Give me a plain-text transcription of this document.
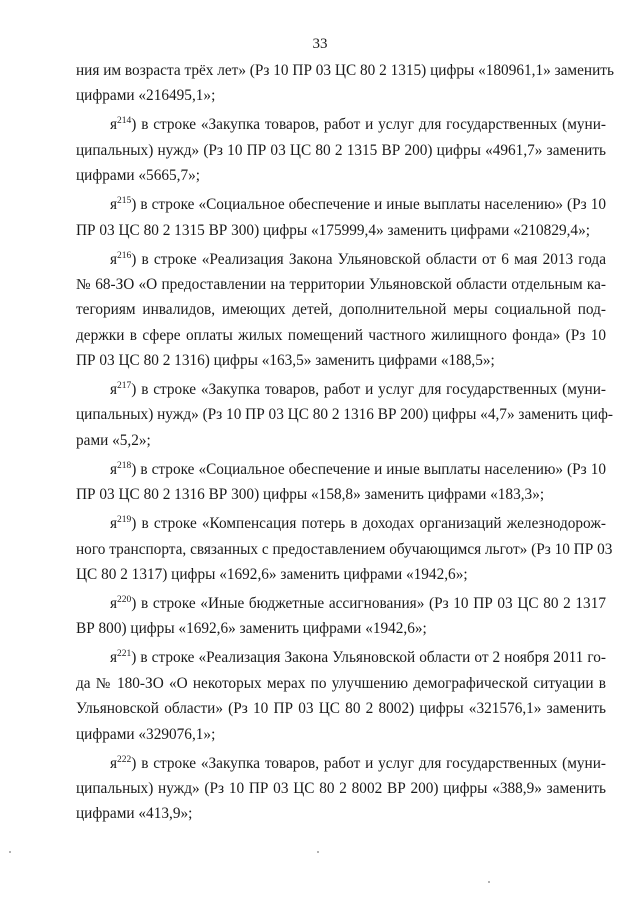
33
ния им возраста трёх лет» (Рз 10 ПР 03 ЦС 80 2 1315) цифры «180961,1» заменить
цифрами «216495,1»;
$я^{214}$) в строке «Закупка товаров, работ и услуг для государственных (муни-
ципальных) нужд» (Рз 10 ПР 03 ЦС 80 2 1315 ВР 200) цифры «4961,7» заменить
цифрами «5665,7»;
$я^{215}$) в строке «Социальное обеспечение и иные выплаты населению» (Рз 10
ПР 03 ЦС 80 2 1315 ВР 300) цифры «175999,4» заменить цифрами «210829,4»;
$я^{216}$) в строке «Реализация Закона Ульяновской области от 6 мая 2013 года
№ 68-ЗО «О предоставлении на территории Ульяновской области отдельным ка-
тегориям инвалидов, имеющих детей, дополнительной меры социальной под-
держки в сфере оплаты жилых помещений частного жилищного фонда» (Рз 10
ПР 03 ЦС 80 2 1316) цифры «163,5» заменить цифрами «188,5»;
$я^{217}$) в строке «Закупка товаров, работ и услуг для государственных (муни-
ципальных) нужд» (Рз 10 ПР 03 ЦС 80 2 1316 ВР 200) цифры «4,7» заменить циф-
рами «5,2»;
$я^{218}$) в строке «Социальное обеспечение и иные выплаты населению» (Рз 10
ПР 03 ЦС 80 2 1316 ВР 300) цифры «158,8» заменить цифрами «183,3»;
$я^{219}$) в строке «Компенсация потерь в доходах организаций железнодорож-
ного транспорта, связанных с предоставлением обучающимся льгот» (Рз 10 ПР 03
ЦС 80 2 1317) цифры «1692,6» заменить цифрами «1942,6»;
$я^{220}$) в строке «Иные бюджетные ассигнования» (Рз 10 ПР 03 ЦС 80 2 1317
ВР 800) цифры «1692,6» заменить цифрами «1942,6»;
$я^{221}$) в строке «Реализация Закона Ульяновской области от 2 ноября 2011 го-
да № 180-ЗО «О некоторых мерах по улучшению демографической ситуации в
Ульяновской области» (Рз 10 ПР 03 ЦС 80 2 8002) цифры «321576,1» заменить
цифрами «329076,1»;
$я^{222}$) в строке «Закупка товаров, работ и услуг для государственных (муни-
ципальных) нужд» (Рз 10 ПР 03 ЦС 80 2 8002 ВР 200) цифры «388,9» заменить
цифрами «413,9»;
